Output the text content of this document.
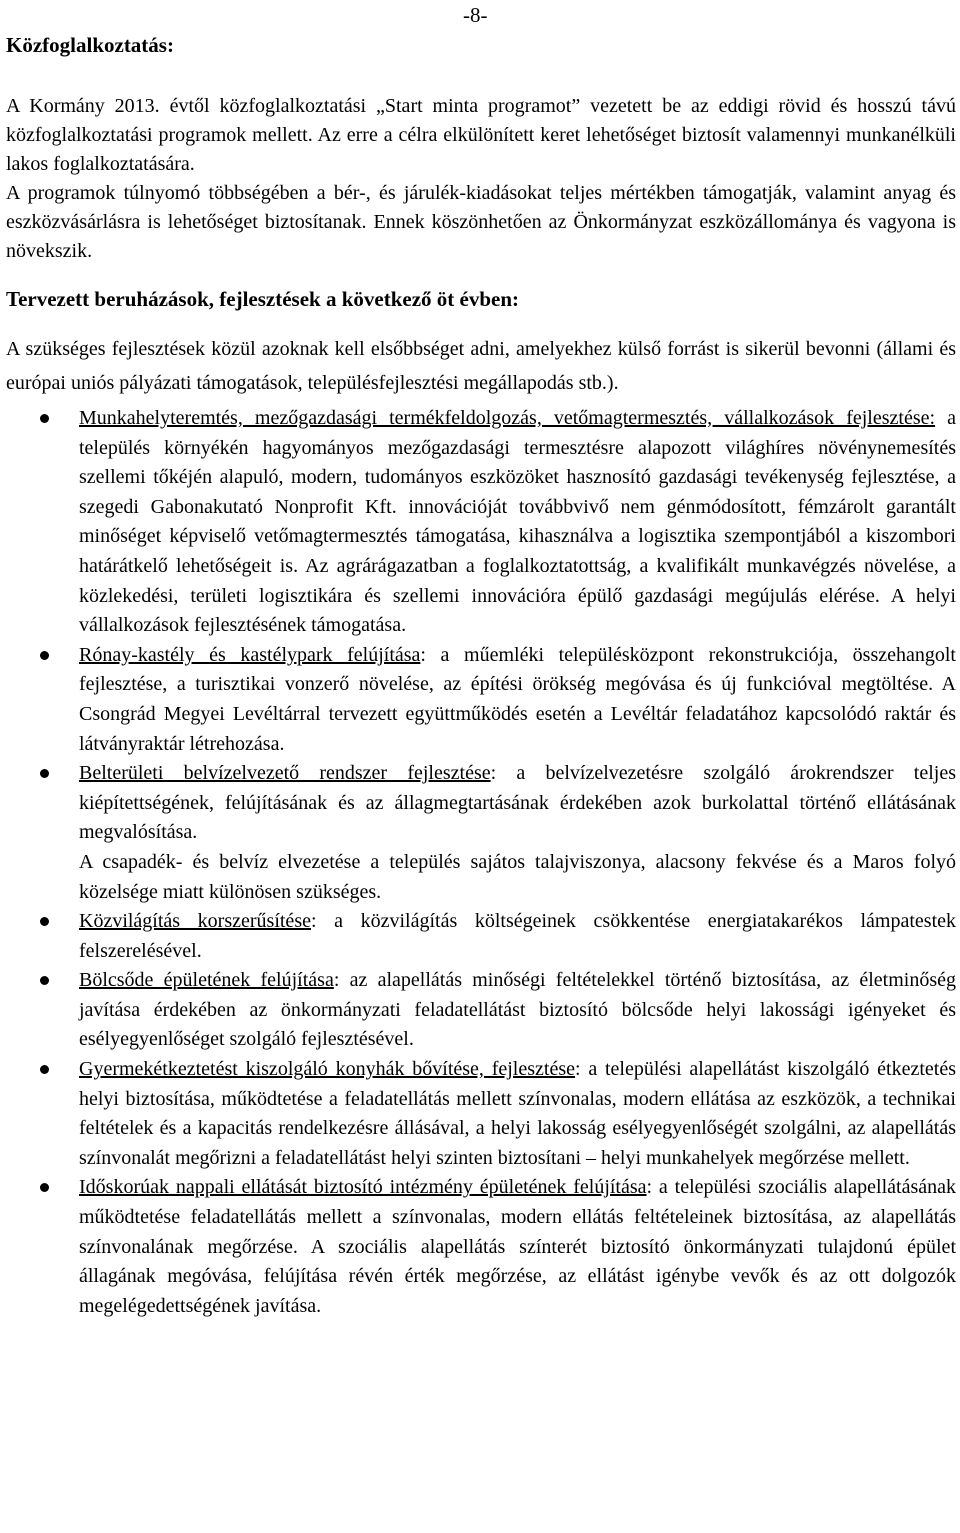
-8-
Közfoglalkoztatás:

A Kormány 2013. évtől közfoglalkoztatási „Start minta programot” vezetett be az eddigi rövid és hosszú távú közfoglalkoztatási programok mellett. Az erre a célra elkülönített keret lehetőséget biztosít valamennyi munkanélküli lakos foglalkoztatására.

A programok túlnyomó többségében a bér-, és járulék-kiadásokat teljes mértékben támogatják, valamint anyag és eszközvásárlásra is lehetőséget biztosítanak. Ennek köszönhetően az Önkormányzat eszközállománya és vagyona is növekszik.

Tervezett beruházások, fejlesztések a következő öt évben:

A szükséges fejlesztések közül azoknak kell elsőbbséget adni, amelyekhez külső forrást is sikerül bevonni (állami és európai uniós pályázati támogatások, településfejlesztési megállapodás stb.).

Munkahelyteremtés, mezőgazdasági termékfeldolgozás, vetőmagtermesztés, vállalkozások fejlesztése: a település környékén hagyományos mezőgazdasági termesztésre alapozott világhíres növénynemesítés szellemi tőkéjén alapuló, modern, tudományos eszközöket hasznosító gazdasági tevékenység fejlesztése, a szegedi Gabonakutató Nonprofit Kft. innovációját továbbvivő nem génmódosított, fémzárolt garantált minőséget képviselő vetőmagtermesztés támogatása, kihasználva a logisztika szempontjából a kiszombori határátkelő lehetőségeit is. Az agrárágazatban a foglalkoztatottság, a kvalifikált munkavégzés növelése, a közlekedési, területi logisztikára és szellemi innovációra épülő gazdasági megújulás elérése. A helyi vállalkozások fejlesztésének támogatása.
Rónay-kastély és kastélypark felújítása: a műemléki településközpont rekonstrukciója, összehangolt fejlesztése, a turisztikai vonzerő növelése, az építési örökség megóvása és új funkcióval megtöltése. A Csongrád Megyei Levéltárral tervezett együttműködés esetén a Levéltár feladatához kapcsolódó raktár és látványraktár létrehozása.
Belterületi belvízelvezető rendszer fejlesztése: a belvízelvezetésre szolgáló árokrendszer teljes kiépítettségének, felújításának és az állagmegtartásának érdekében azok burkolattal történő ellátásának megvalósítása.
A csapadék- és belvíz elvezetése a település sajátos talajviszonya, alacsony fekvése és a Maros folyó közelsége miatt különösen szükséges.
Közvilágítás korszerűsítése: a közvilágítás költségeinek csökkentése energiatakarékos lámpatestek felszerelésével.
Bölcsőde épületének felújítása: az alapellátás minőségi feltételekkel történő biztosítása, az életminőség javítása érdekében az önkormányzati feladatellátást biztosító bölcsőde helyi lakossági igényeket és esélyegyenlőséget szolgáló fejlesztésével.
Gyermekétkeztetést kiszolgáló konyhák bővítése, fejlesztése: a települési alapellátást kiszolgáló étkeztetés helyi biztosítása, működtetése a feladatellátás mellett színvonalas, modern ellátása az eszközök, a technikai feltételek és a kapacitás rendelkezésre állásával, a helyi lakosság esélyegyenlőségét szolgálni, az alapellátás színvonalát megőrizni a feladatellátást helyi szinten biztosítani – helyi munkahelyek megőrzése mellett.
Időskorúak nappali ellátását biztosító intézmény épületének felújítása: a települési szociális alapellátásának működtetése feladatellátás mellett a színvonalas, modern ellátás feltételeinek biztosítása, az alapellátás színvonalának megőrzése. A szociális alapellátás színterét biztosító önkormányzati tulajdonú épület állagának megóvása, felújítása révén érték megőrzése, az ellátást igénybe vevők és az ott dolgozók megelégedettségének javítása.
